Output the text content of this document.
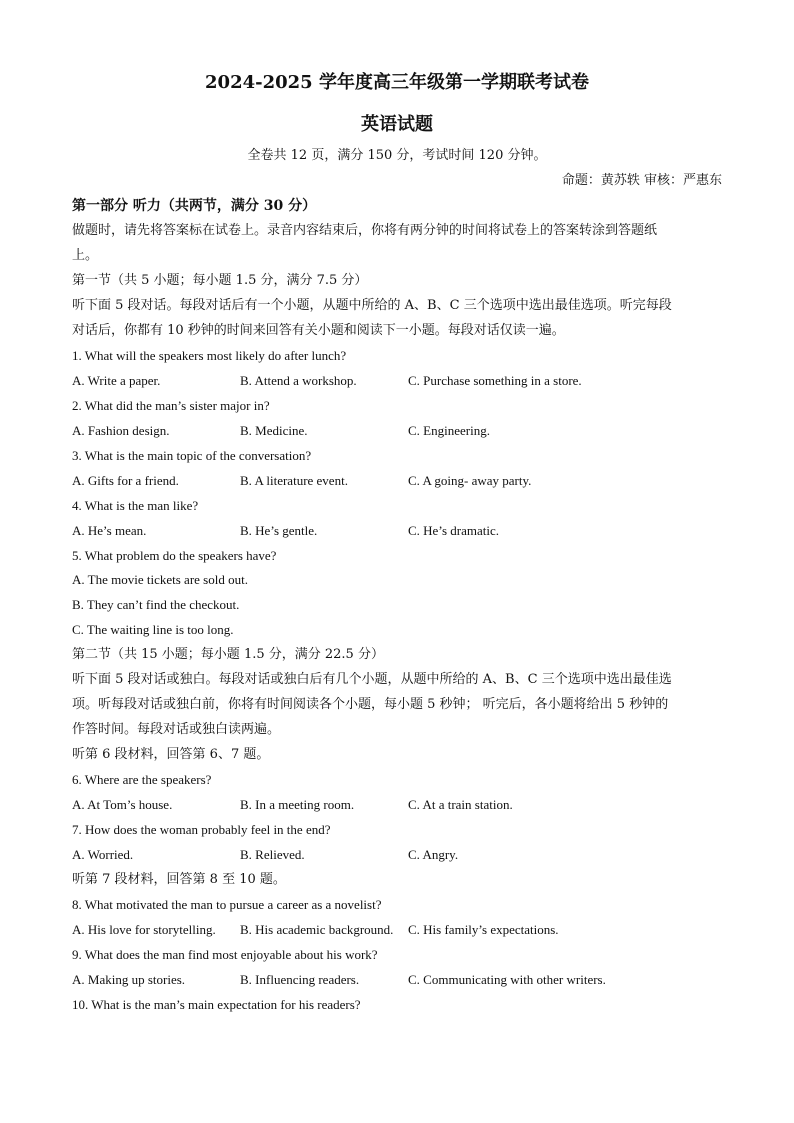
2024-2025 学年度高三年级第一学期联考试卷
英语试题
全卷共 12 页，满分 150 分，考试时间 120 分钟。
命题：黄苏轶 审核：严惠东
第一部分 听力（共两节，满分 30 分）
做题时，请先将答案标在试卷上。录音内容结束后，你将有两分钟的时间将试卷上的答案转涂到答题纸
上。
第一节（共 5 小题；每小题 1.5 分，满分 7.5 分）
听下面 5 段对话。每段对话后有一个小题，从题中所给的 A、B、C 三个选项中选出最佳选项。听完每段
对话后，你都有 10 秒钟的时间来回答有关小题和阅读下一小题。每段对话仅读一遍。
1. What will the speakers most likely do after lunch?
A. Write a paper.	B. Attend a workshop.	C. Purchase something in a store.
2. What did the man’s sister major in?
A. Fashion design.	B. Medicine.	C. Engineering.
3. What is the main topic of the conversation?
A. Gifts for a friend.	B. A literature event.	C. A going- away party.
4. What is the man like?
A. He’s mean.	B. He’s gentle.	C. He’s dramatic.
5. What problem do the speakers have?
A. The movie tickets are sold out.
B. They can’t find the checkout.
C. The waiting line is too long.
第二节（共 15 小题；每小题 1.5 分，满分 22.5 分）
听下面 5 段对话或独白。每段对话或独白后有几个小题，从题中所给的 A、B、C 三个选项中选出最佳选
项。听每段对话或独白前，你将有时间阅读各个小题，每小题 5 秒钟； 听完后，各小题将给出 5 秒钟的
作答时间。每段对话或独白读两遍。
听第 6 段材料，回答第 6、7 题。
6. Where are the speakers?
A. At Tom’s house.	B. In a meeting room.	C. At a train station.
7. How does the woman probably feel in the end?
A. Worried.	B. Relieved.	C. Angry.
听第 7 段材料，回答第 8 至 10 题。
8. What motivated the man to pursue a career as a novelist?
A. His love for storytelling. B. His academic background. C. His family’s expectations.
9. What does the man find most enjoyable about his work?
A. Making up stories.	B. Influencing readers.	C. Communicating with other writers.
10. What is the man’s main expectation for his readers?
